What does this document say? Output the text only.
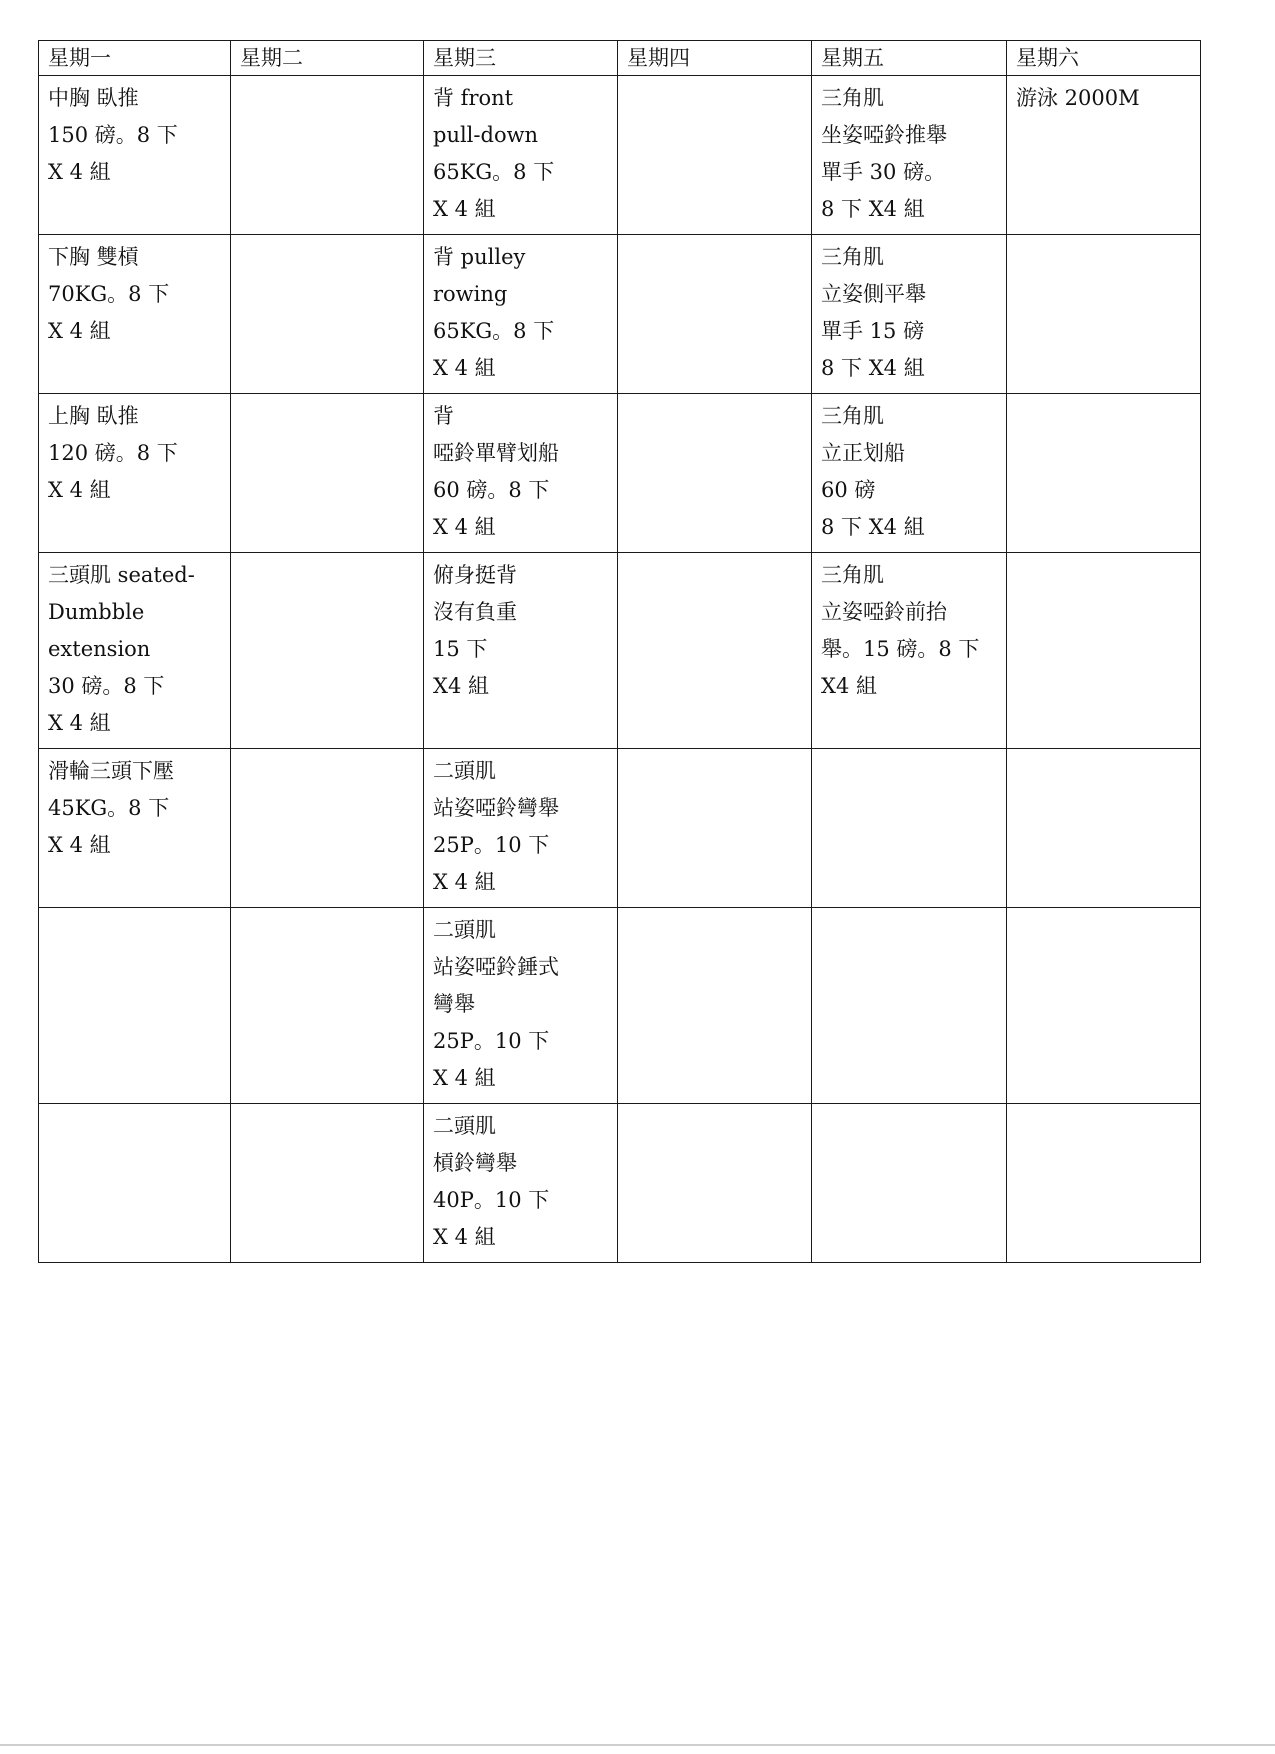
星期一	星期二	星期三	星期四	星期五	星期六

中胸 臥推
150 磅。8 下
X 4 組		背 front
pull-down
65KG。8 下
X 4 組		三角肌
坐姿啞鈴推舉
單手 30 磅。
8 下 X4 組	游泳 2000M

下胸 雙槓
70KG。8 下
X 4 組		背 pulley
rowing
65KG。8 下
X 4 組		三角肌
立姿側平舉
單手 15 磅
8 下 X4 組	

上胸 臥推
120 磅。8 下
X 4 組		背
啞鈴單臂划船
60 磅。8 下
X 4 組		三角肌
立正划船
60 磅
8 下 X4 組	

三頭肌 seated-
Dumbble
extension
30 磅。8 下
X 4 組		俯身挺背
沒有負重
15 下
X4 組		三角肌
立姿啞鈴前抬
舉。15 磅。8 下
X4 組	

滑輪三頭下壓
45KG。8 下
X 4 組		二頭肌
站姿啞鈴彎舉
25P。10 下
X 4 組			

		二頭肌
站姿啞鈴錘式
彎舉
25P。10 下
X 4 組			

		二頭肌
槓鈴彎舉
40P。10 下
X 4 組			
